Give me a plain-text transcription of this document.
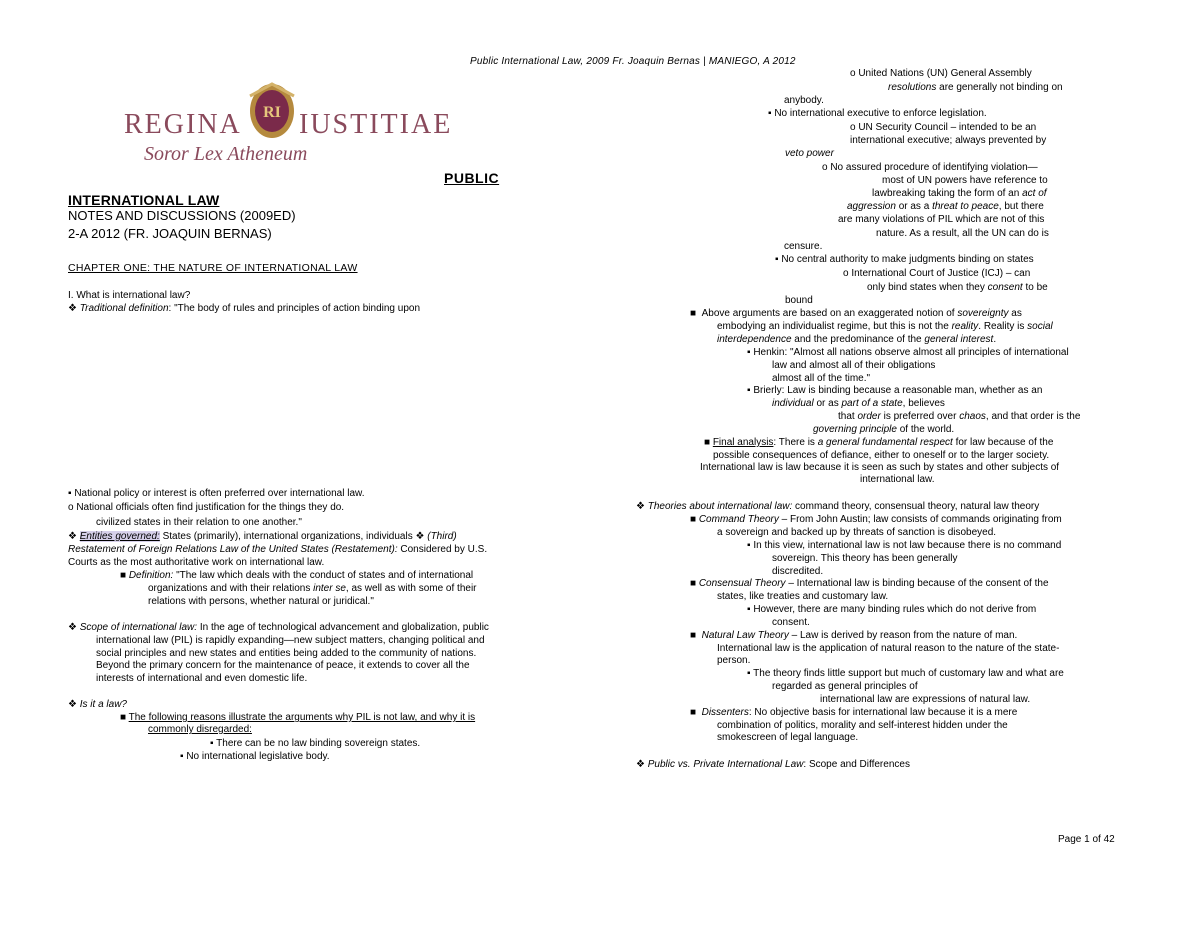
Public International Law, 2009 Fr. Joaquin Bernas | MANIEGO, A 2012
RI
REGINA IUSTITIAE
Soror Lex Atheneum
PUBLIC
INTERNATIONAL LAW
NOTES AND DISCUSSIONS (2009ED)
2-A 2012 (FR. JOAQUIN BERNAS)
CHAPTER ONE: THE NATURE OF INTERNATIONAL LAW
I. What is international law?
❖ Traditional definition: "The body of rules and principles of action binding upon
▪ National policy or interest is often preferred over international law.
o National officials often find justification for the things they do.
civilized states in their relation to one another."
❖ Entities governed: States (primarily), international organizations, individuals ❖ (Third)
Restatement of Foreign Relations Law of the United States (Restatement): Considered by U.S.
Courts as the most authoritative work on international law.
■ Definition: "The law which deals with the conduct of states and of international
organizations and with their relations inter se, as well as with some of their
relations with persons, whether natural or juridical."
❖ Scope of international law: In the age of technological advancement and globalization, public
international law (PIL) is rapidly expanding—new subject matters, changing political and
social principles and new states and entities being added to the community of nations.
Beyond the primary concern for the maintenance of peace, it extends to cover all the
interests of international and even domestic life.
❖ Is it a law?
■ The following reasons illustrate the arguments why PIL is not law, and why it is
commonly disregarded:
▪ There can be no law binding sovereign states.
▪ No international legislative body.
o United Nations (UN) General Assembly
resolutions are generally not binding on
anybody.
▪ No international executive to enforce legislation.
o UN Security Council – intended to be an
international executive; always prevented by
veto power
o No assured procedure of identifying violation—
most of UN powers have reference to
lawbreaking taking the form of an act of
aggression or as a threat to peace, but there
are many violations of PIL which are not of this
nature. As a result, all the UN can do is
censure.
▪ No central authority to make judgments binding on states
o International Court of Justice (ICJ) – can
only bind states when they consent to be
bound
■  Above arguments are based on an exaggerated notion of sovereignty as
embodying an individualist regime, but this is not the reality. Reality is social
interdependence and the predominance of the general interest.
▪ Henkin: "Almost all nations observe almost all principles of international
law and almost all of their obligations
almost all of the time."
▪ Brierly: Law is binding because a reasonable man, whether as an
individual or as part of a state, believes
that order is preferred over chaos, and that order is the
governing principle of the world.
■ Final analysis: There is a general fundamental respect for law because of the
possible consequences of defiance, either to oneself or to the larger society.
International law is law because it is seen as such by states and other subjects of
international law.
❖ Theories about international law: command theory, consensual theory, natural law theory
■ Command Theory – From John Austin; law consists of commands originating from
a sovereign and backed up by threats of sanction is disobeyed.
▪ In this view, international law is not law because there is no command
sovereign. This theory has been generally
discredited.
■ Consensual Theory – International law is binding because of the consent of the
states, like treaties and customary law.
▪ However, there are many binding rules which do not derive from
consent.
■  Natural Law Theory – Law is derived by reason from the nature of man.
International law is the application of natural reason to the nature of the state-
person.
▪ The theory finds little support but much of customary law and what are
regarded as general principles of
international law are expressions of natural law.
■  Dissenters: No objective basis for international law because it is a mere
combination of politics, morality and self-interest hidden under the
smokescreen of legal language.
❖ Public vs. Private International Law: Scope and Differences
Page 1 of 42
